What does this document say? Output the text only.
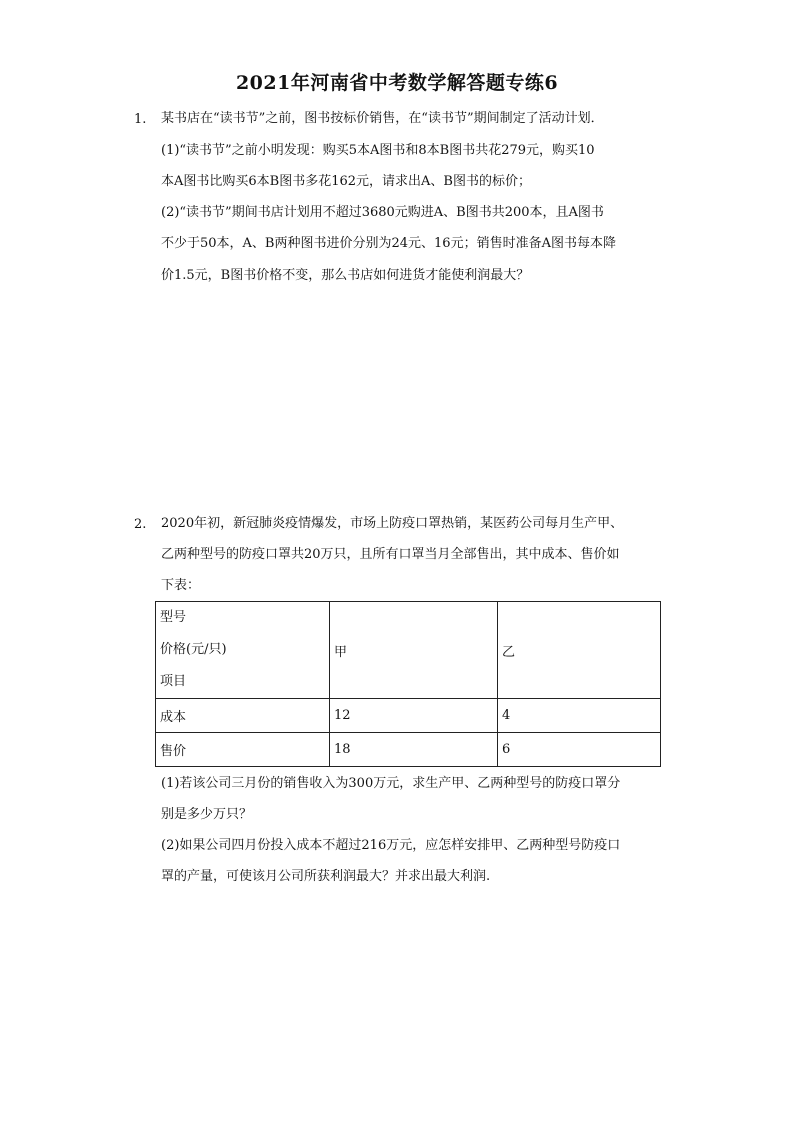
2021年河南省中考数学解答题专练6
1. 某书店在“读书节”之前，图书按标价销售，在“读书节”期间制定了活动计划．
(1)“读书节”之前小明发现：购买5本A图书和8本B图书共花279元，购买10
本A图书比购买6本B图书多花162元，请求出A、B图书的标价；
(2)“读书节”期间书店计划用不超过3680元购进A、B图书共200本，且A图书
不少于50本，A、B两种图书进价分别为24元、16元；销售时准备A图书每本降
价1.5元，B图书价格不变，那么书店如何进货才能使利润最大？
2. 2020年初，新冠肺炎疫情爆发，市场上防疫口罩热销，某医药公司每月生产甲、
乙两种型号的防疫口罩共20万只，且所有口罩当月全部售出，其中成本、售价如
下表：
型号
价格(元/只)
项目	甲	乙
成本	12	4
售价	18	6
(1)若该公司三月份的销售收入为300万元，求生产甲、乙两种型号的防疫口罩分
别是多少万只？
(2)如果公司四月份投入成本不超过216万元，应怎样安排甲、乙两种型号防疫口
罩的产量，可使该月公司所获利润最大？并求出最大利润.
